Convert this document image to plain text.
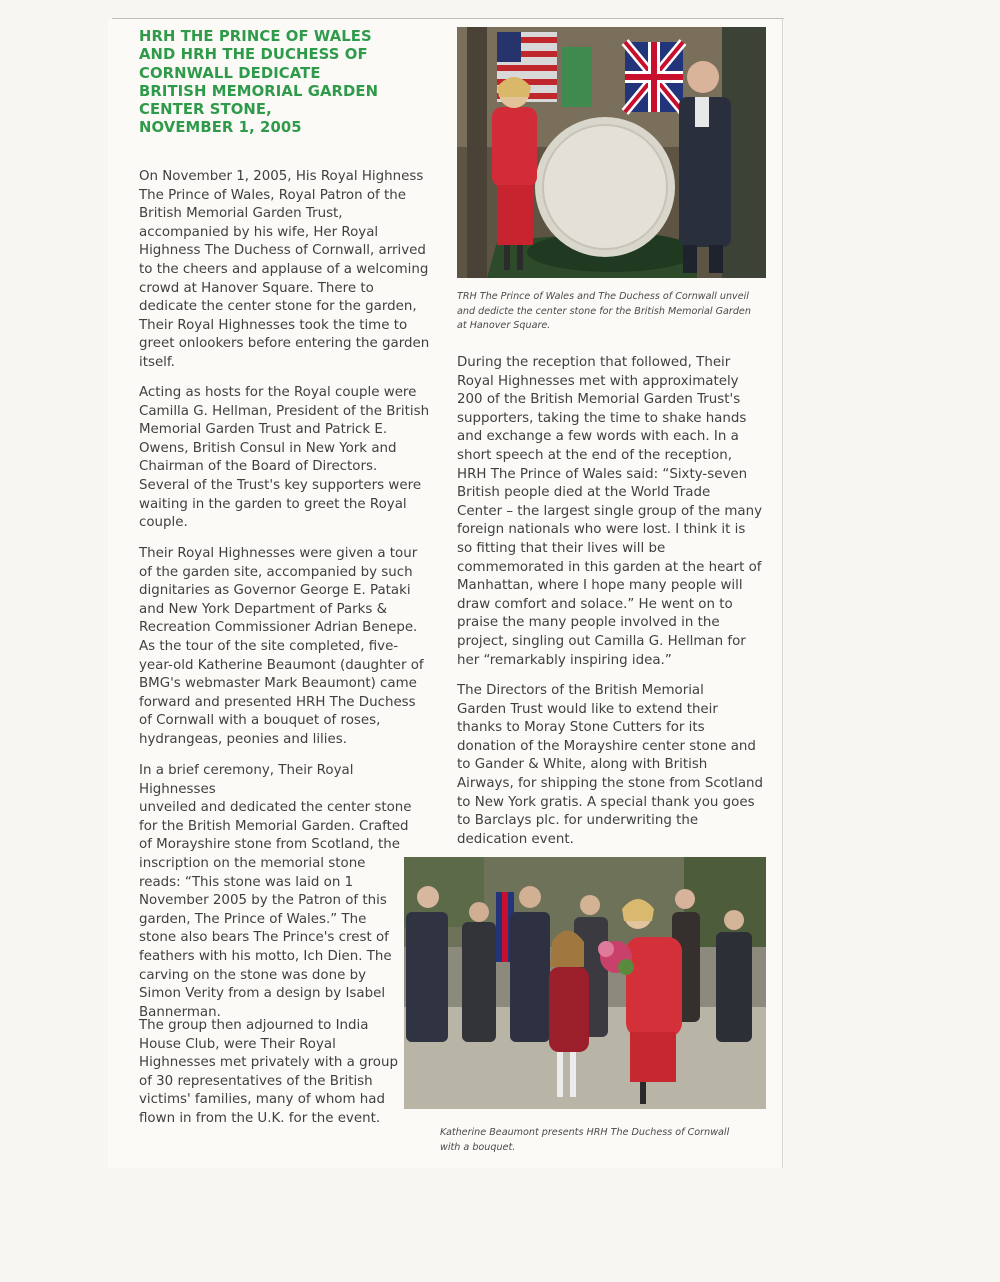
HRH THE PRINCE OF WALES
AND HRH THE DUCHESS OF
CORNWALL DEDICATE
BRITISH MEMORIAL GARDEN
CENTER STONE,
NOVEMBER 1, 2005

On November 1, 2005, His Royal Highness
The Prince of Wales, Royal Patron of the
British Memorial Garden Trust,
accompanied by his wife, Her Royal
Highness The Duchess of Cornwall, arrived
to the cheers and applause of a welcoming
crowd at Hanover Square. There to
dedicate the center stone for the garden,
Their Royal Highnesses took the time to
greet onlookers before entering the garden
itself.

Acting as hosts for the Royal couple were
Camilla G. Hellman, President of the British
Memorial Garden Trust and Patrick E.
Owens, British Consul in New York and
Chairman of the Board of Directors.
Several of the Trust's key supporters were
waiting in the garden to greet the Royal
couple.

Their Royal Highnesses were given a tour
of the garden site, accompanied by such
dignitaries as Governor George E. Pataki
and New York Department of Parks &
Recreation Commissioner Adrian Benepe.
As the tour of the site completed, five-
year-old Katherine Beaumont (daughter of
BMG's webmaster Mark Beaumont) came
forward and presented HRH The Duchess
of Cornwall with a bouquet of roses,
hydrangeas, peonies and lilies.

In a brief ceremony, Their Royal Highnesses
unveiled and dedicated the center stone
for the British Memorial Garden. Crafted
of Morayshire stone from Scotland, the
inscription on the memorial stone
reads: “This stone was laid on 1
November 2005 by the Patron of this
garden, The Prince of Wales.” The
stone also bears The Prince's crest of
feathers with his motto, Ich Dien. The
carving on the stone was done by
Simon Verity from a design by Isabel
Bannerman.

The group then adjourned to India
House Club, were Their Royal
Highnesses met privately with a group
of 30 representatives of the British
victims' families, many of whom had
flown in from the U.K. for the event.

TRH The Prince of Wales and The Duchess of Cornwall unveil
and dedicte the center stone for the British Memorial Garden
at Hanover Square.

During the reception that followed, Their
Royal Highnesses met with approximately
200 of the British Memorial Garden Trust's
supporters, taking the time to shake hands
and exchange a few words with each. In a
short speech at the end of the reception,
HRH The Prince of Wales said: “Sixty-seven
British people died at the World Trade
Center – the largest single group of the many
foreign nationals who were lost. I think it is
so fitting that their lives will be
commemorated in this garden at the heart of
Manhattan, where I hope many people will
draw comfort and solace.” He went on to
praise the many people involved in the
project, singling out Camilla G. Hellman for
her “remarkably inspiring idea.”

The Directors of the British Memorial
Garden Trust would like to extend their
thanks to Moray Stone Cutters for its
donation of the Morayshire center stone and
to Gander & White, along with British
Airways, for shipping the stone from Scotland
to New York gratis. A special thank you goes
to Barclays plc. for underwriting the
dedication event.

Katherine Beaumont presents HRH The Duchess of Cornwall
with a bouquet.
